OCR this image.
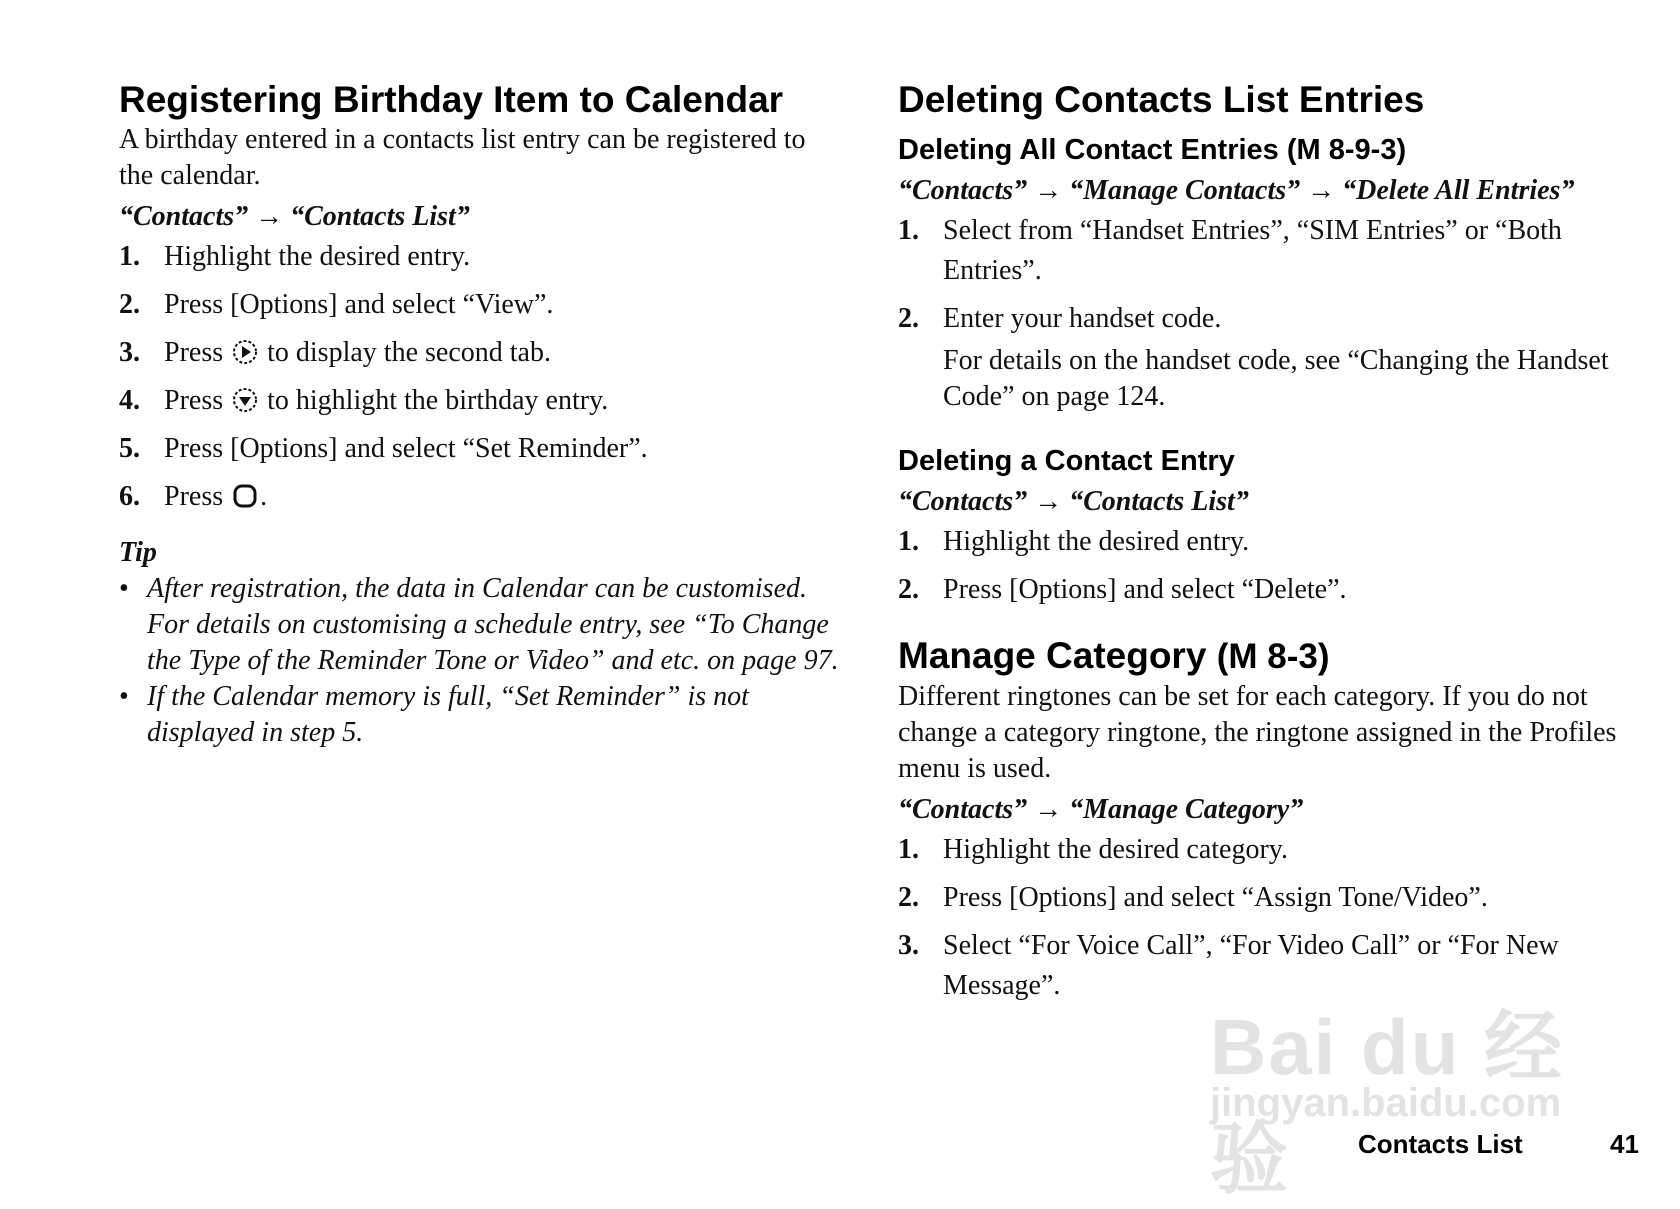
Registering Birthday Item to Calendar

A birthday entered in a contacts list entry can be registered to the calendar.

“Contacts” → “Contacts List”

1. Highlight the desired entry.
2. Press [Options] and select “View”.
3. Press to display the second tab.
4. Press to highlight the birthday entry.
5. Press [Options] and select “Set Reminder”.
6. Press .
Tip
• After registration, the data in Calendar can be customised. For details on customising a schedule entry, see “To Change the Type of the Reminder Tone or Video” and etc. on page 97.
• If the Calendar memory is full, “Set Reminder” is not displayed in step 5.
Deleting Contacts List Entries
Deleting All Contact Entries (M 8-9-3)

“Contacts” → “Manage Contacts” → “Delete All Entries”

1. Select from “Handset Entries”, “SIM Entries” or “Both Entries”.
2. Enter your handset code.

For details on the handset code, see “Changing the Handset Code” on page 124.

Deleting a Contact Entry

“Contacts” → “Contacts List”

1. Highlight the desired entry.
2. Press [Options] and select “Delete”.
Manage Category (M 8-3)

Different ringtones can be set for each category. If you do not change a category ringtone, the ringtone assigned in the Profiles menu is used.

“Contacts” → “Manage Category”

1. Highlight the desired category.
2. Press [Options] and select “Assign Tone/Video”.
3. Select “For Voice Call”, “For Video Call” or “For New Message”.
Bai du 经验
jingyan.baidu.com
Contacts List	41
